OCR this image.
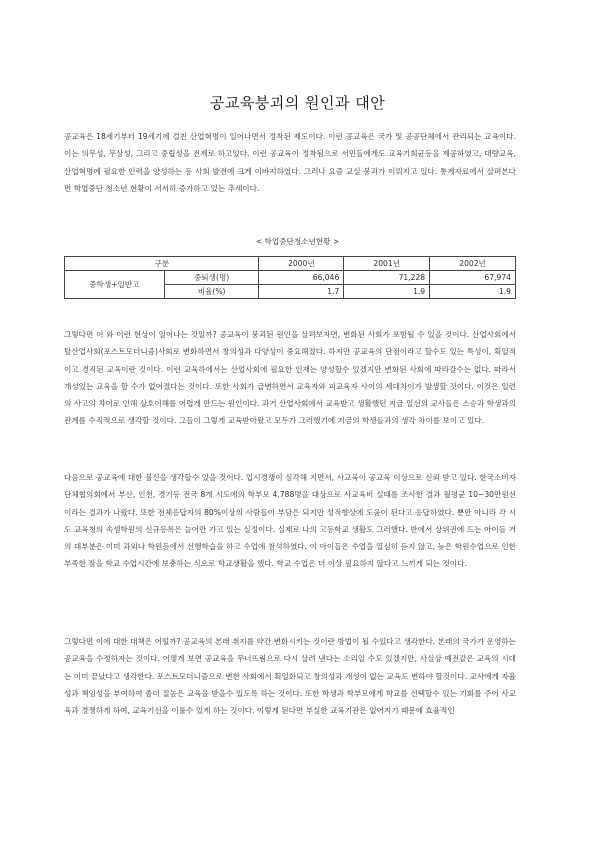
공교육붕괴의 원인과 대안

공교육은 18세기부터 19세기에 걸친 산업혁명이 일어나면서 정착된 제도이다. 이런 공교육은 국가 및 공공단체에서 관리되는 교육이다. 이는 의무성, 무상성, 그리고 중립성을 전제로 하고있다. 이런 공교육이 정착됨으로 서민들에게도 교육기회균등을 제공하였고, 대량교육, 산업혁명에 필요한 인력을 양성하는 등 사회 발전에 크게 이바지하였다. 그러나 요즘 교실 붕괴가 이뤄지고 있다. 통계자료에서 살펴본다면 학업중단 청소년 현황이 서서히 증가하고 있는 추세이다.

< 학업중단청소년현황 >
구분		2000년	2001년	2002년
중학생+일반고	중퇴생(명)	66,046	71,228	67,974
	비율(%)	1.7	1.9	1.9

그렇다면 이 와 이런 현상이 일어나는 것일까? 공교육이 붕괴된 원인을 살펴보자면, 변화된 사회가 포함될 수 있을 것이다. 산업사회에서 탈산업사회(포스트모더니즘)사회로 변화하면서 창의성과 다양성이 중요해졌다. 하지만 공교육의 단점이라고 할수도 있는 특성이, 획일적이고 경직된 교육이란 것이다. 이런 교육하에서는 산업사회에 필요한 인재는 양성할수 있겠지만 변화된 사회에 따라갈수는 없다. 따라서 개성있는 교육을 할 수가 없어졌다는 것이다. 또한 사회가 급변하면서 교육자와 피교육자 사이의 세대차이가 발생할 것이다. 이것은 일련의 사고의 차이로 인해 상호이해를 어렵게 만드는 원인이다. 과거 산업사회에서 교육받고 생활했던 지금 일선의 교사들은 스승과 학생과의 관계를 수직적으로 생각할 것이다. 그들이 그렇게 교육받아왔고 모두가 그러했기에 지금의 학생들과의 생각 차이를 보이고 있다.

다음으로 공교육에 대한 불신을 생각할수 있을 것이다. 입시경쟁이 심각해 지면서, 사교육이 공교육 이상으로 신뢰 받고 있다. 한국소비자단체협의회에서 부산, 인천, 경기등 전국 8개 시도에의 학부모 4,788명을 대상으로 사교육비 실태를 조사한 결과 월평균 10~30만원선이라는 결과가 나왔다. 또한 전체응답자의 80%이상의 사람들이 부담은 되지만 성적향상에 도움이 된다고 응답하였다. 뿐만 아니라 각 시도 교육청의 속셈학원의 신규등록은 늘어만 가고 있는 실정이다. 실제로 나의 고등학교 생활도 그러했다. 반에서 상위권에 드는 아이들 거의 대부분은 이미 과외나 학원등에서 선행학습을 하고 수업에 참석하였다. 이 아이들은 수업을 열심히 듣지 않고, 늦은 학원수업으로 인한 부족한 잠을 학교 수업시간에 보충하는 식으로 학교생활을 했다. 학교 수업은 더 이상 필요하지 않다고 느끼게 되는 것이다.

그렇다면 이에 대한 대책은 어떨까? 공교육의 본래 취지를 약간 변화시키는 것이란 방법이 될 수있다고 생각한다. 본래의 국가가 운영하는 공교육을 수정하자는 것이다. 어떻게 보면 공교육을 무너뜨림으로 다시 살려 낸다는 소리일 수도 있겠지만, 사실상 예전같은 교육의 시대는 이미 끝났다고 생각한다. 포스트모더니즘으로 변한 사회에서 획일화되고 창의성과 개성이 없는 교육도 변하야 할것이다. 교사에게 자율성과 책임성을 부여하여 좀더 질높은 교육을 받을수 있도록 하는 것이다. 또한 학생과 학부모에게 학교를 선택할수 있는 기회를 주어 사교육과 경쟁하게 하여, 교육기선을 이룰수 있게 하는 것이다. 이렇게 된다면 부실한 교육기관은 없어지기 때문에 효율적인
